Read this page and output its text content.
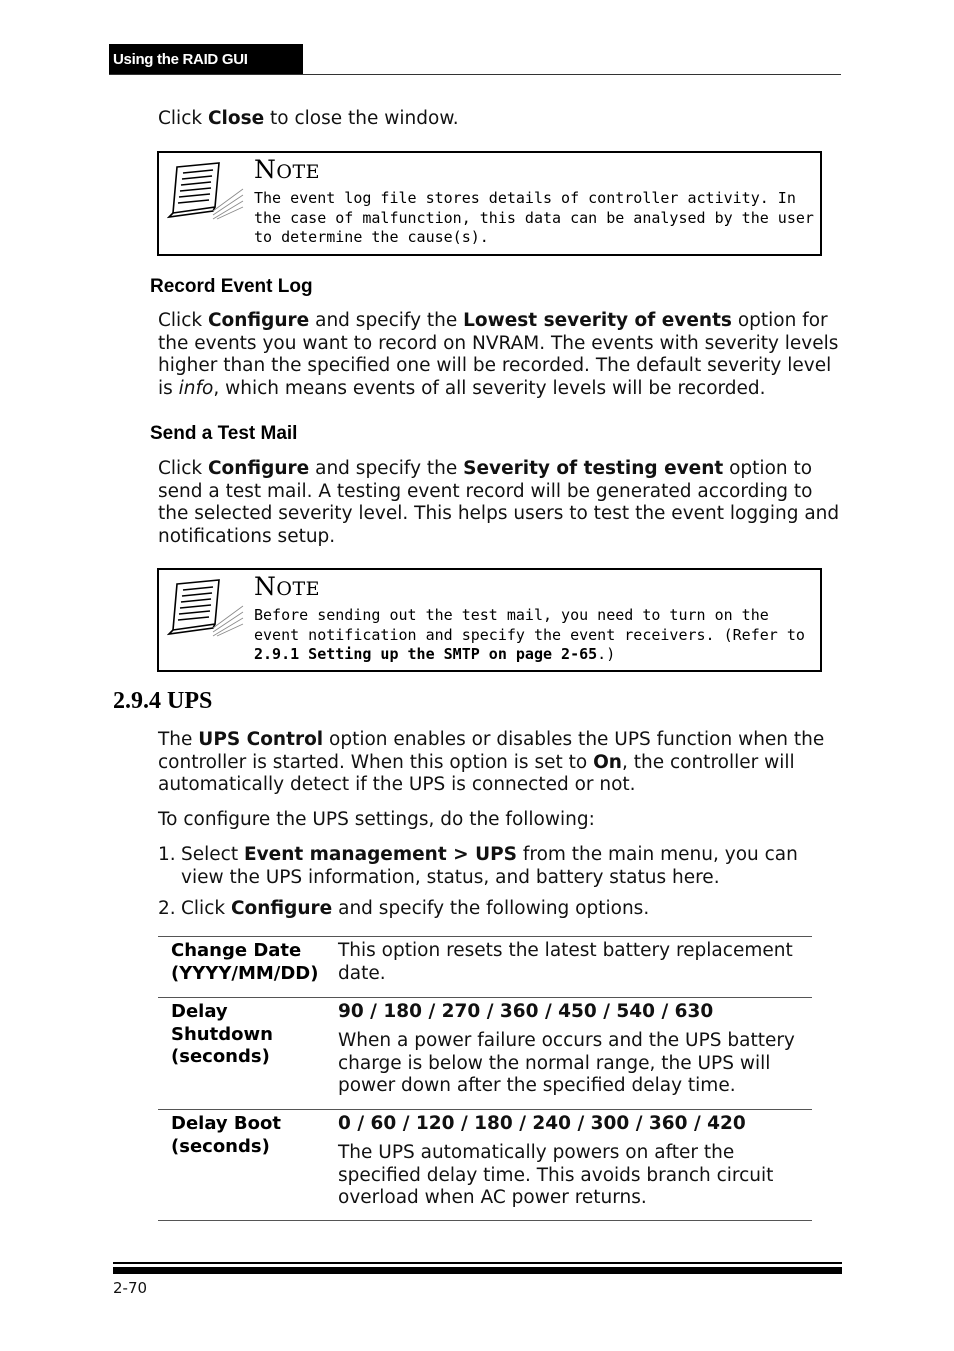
Using the RAID GUI
Click Close to close the window.
NOTE
The event log file stores details of controller activity. In the case of malfunction, this data can be analysed by the user to determine the cause(s).
Record Event Log
Click Configure and specify the Lowest severity of events option for the events you want to record on NVRAM. The events with severity levels higher than the specified one will be recorded. The default severity level is info, which means events of all severity levels will be recorded.
Send a Test Mail
Click Configure and specify the Severity of testing event option to send a test mail. A testing event record will be generated according to the selected severity level. This helps users to test the event logging and notifications setup.
NOTE
Before sending out the test mail, you need to turn on the event notification and specify the event receivers. (Refer to 2.9.1 Setting up the SMTP on page 2-65.)
2.9.4 UPS
The UPS Control option enables or disables the UPS function when the controller is started. When this option is set to On, the controller will automatically detect if the UPS is connected or not.
To configure the UPS settings, do the following:
1. Select Event management > UPS from the main menu, you can view the UPS information, status, and battery status here.
2. Click Configure and specify the following options.
Change Date (YYYY/MM/DD)
This option resets the latest battery replacement date.
Delay Shutdown (seconds)
90 / 180 / 270 / 360 / 450 / 540 / 630
When a power failure occurs and the UPS battery charge is below the normal range, the UPS will power down after the specified delay time.
Delay Boot (seconds)
0 / 60 / 120 / 180 / 240 / 300 / 360 / 420
The UPS automatically powers on after the specified delay time. This avoids branch circuit overload when AC power returns.
2-70
